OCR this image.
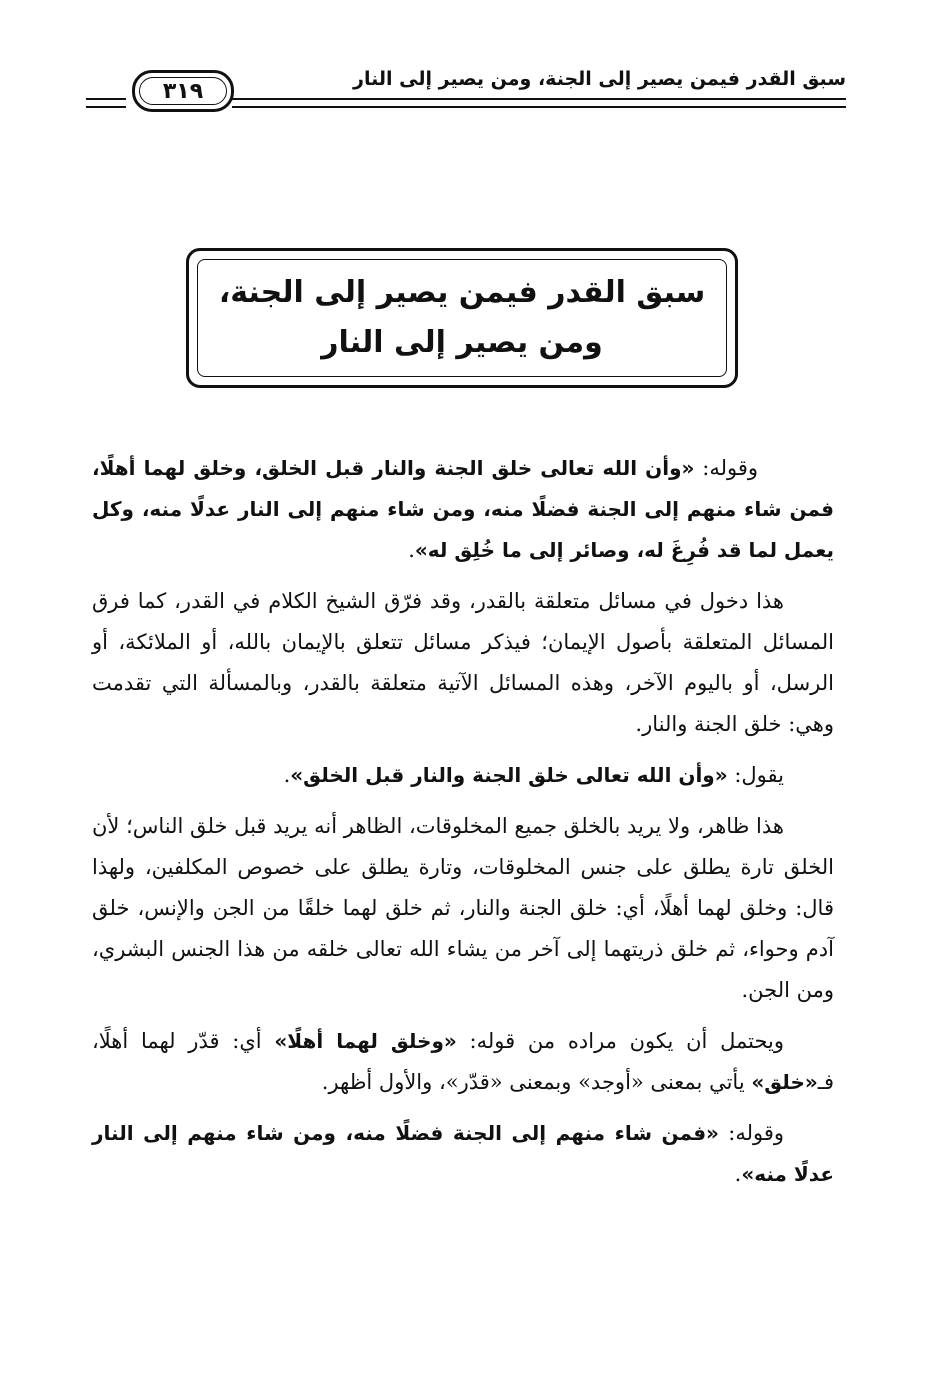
٣١٩	سبق القدر فيمن يصير إلى الجنة، ومن يصير إلى النار
سبق القدر فيمن يصير إلى الجنة،
ومن يصير إلى النار

وقوله: «وأن الله تعالى خلق الجنة والنار قبل الخلق، وخلق لهما أهلًا، فمن شاء منهم إلى الجنة فضلًا منه، ومن شاء منهم إلى النار عدلًا منه، وكل يعمل لما قد فُرِغَ له، وصائر إلى ما خُلِق له».

هذا دخول في مسائل متعلقة بالقدر، وقد فرّق الشيخ الكلام في القدر، كما فرق المسائل المتعلقة بأصول الإيمان؛ فيذكر مسائل تتعلق بالإيمان بالله، أو الملائكة، أو الرسل، أو باليوم الآخر، وهذه المسائل الآتية متعلقة بالقدر، وبالمسألة التي تقدمت وهي: خلق الجنة والنار.

يقول: «وأن الله تعالى خلق الجنة والنار قبل الخلق».

هذا ظاهر، ولا يريد بالخلق جميع المخلوقات، الظاهر أنه يريد قبل خلق الناس؛ لأن الخلق تارة يطلق على جنس المخلوقات، وتارة يطلق على خصوص المكلفين، ولهذا قال: وخلق لهما أهلًا، أي: خلق الجنة والنار، ثم خلق لهما خلقًا من الجن والإنس، خلق آدم وحواء، ثم خلق ذريتهما إلى آخر من يشاء الله تعالى خلقه من هذا الجنس البشري، ومن الجن.

ويحتمل أن يكون مراده من قوله: «وخلق لهما أهلًا» أي: قدّر لهما أهلًا، فـ«خلق» يأتي بمعنى «أوجد» وبمعنى «قدّر»، والأول أظهر.

وقوله: «فمن شاء منهم إلى الجنة فضلًا منه، ومن شاء منهم إلى النار عدلًا منه».
